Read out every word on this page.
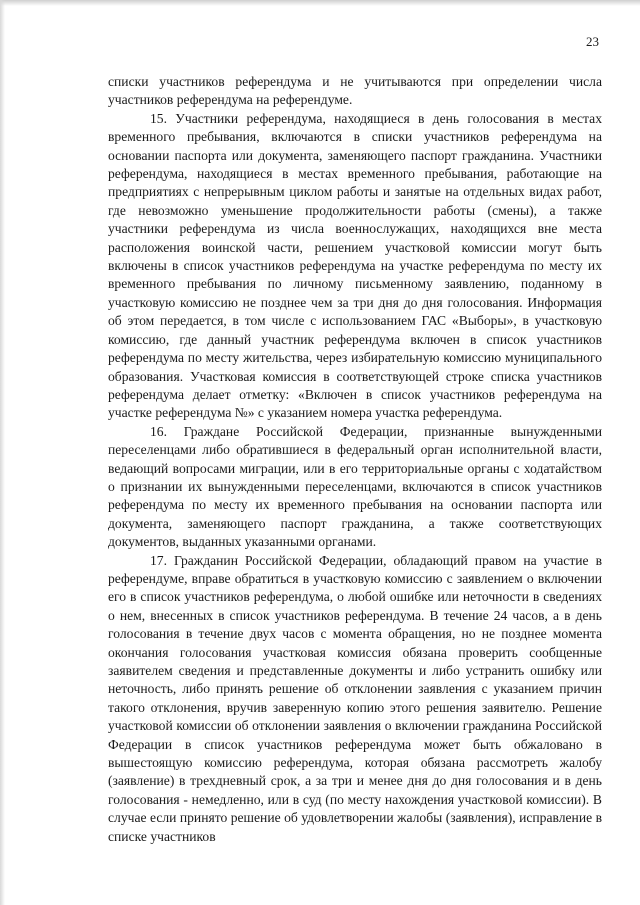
23

списки участников референдума и не учитываются при определении числа участников референдума на референдуме.

15. Участники референдума, находящиеся в день голосования в местах временного пребывания, включаются в списки участников референдума на основании паспорта или документа, заменяющего паспорт гражданина. Участники референдума, находящиеся в местах временного пребывания, работающие на предприятиях с непрерывным циклом работы и занятые на отдельных видах работ, где невозможно уменьшение продолжительности работы (смены), а также участники референдума из числа военнослужащих, находящихся вне места расположения воинской части, решением участковой комиссии могут быть включены в список участников референдума на участке референдума по месту их временного пребывания по личному письменному заявлению, поданному в участковую комиссию не позднее чем за три дня до дня голосования. Информация об этом передается, в том числе с использованием ГАС «Выборы», в участковую комиссию, где данный участник референдума включен в список участников референдума по месту жительства, через избирательную комиссию муниципального образования. Участковая комиссия в соответствующей строке списка участников референдума делает отметку: «Включен в список участников референдума на участке референдума №» с указанием номера участка референдума.

16. Граждане Российской Федерации, признанные вынужденными переселенцами либо обратившиеся в федеральный орган исполнительной власти, ведающий вопросами миграции, или в его территориальные органы с ходатайством о признании их вынужденными переселенцами, включаются в список участников референдума по месту их временного пребывания на основании паспорта или документа, заменяющего паспорт гражданина, а также соответствующих документов, выданных указанными органами.

17. Гражданин Российской Федерации, обладающий правом на участие в референдуме, вправе обратиться в участковую комиссию с заявлением о включении его в список участников референдума, о любой ошибке или неточности в сведениях о нем, внесенных в список участников референдума. В течение 24 часов, а в день голосования в течение двух часов с момента обращения, но не позднее момента окончания голосования участковая комиссия обязана проверить сообщенные заявителем сведения и представленные документы и либо устранить ошибку или неточность, либо принять решение об отклонении заявления с указанием причин такого отклонения, вручив заверенную копию этого решения заявителю. Решение участковой комиссии об отклонении заявления о включении гражданина Российской Федерации в список участников референдума может быть обжаловано в вышестоящую комиссию референдума, которая обязана рассмотреть жалобу (заявление) в трехдневный срок, а за три и менее дня до дня голосования и в день голосования - немедленно, или в суд (по месту нахождения участковой комиссии). В случае если принято решение об удовлетворении жалобы (заявления), исправление в списке участников
